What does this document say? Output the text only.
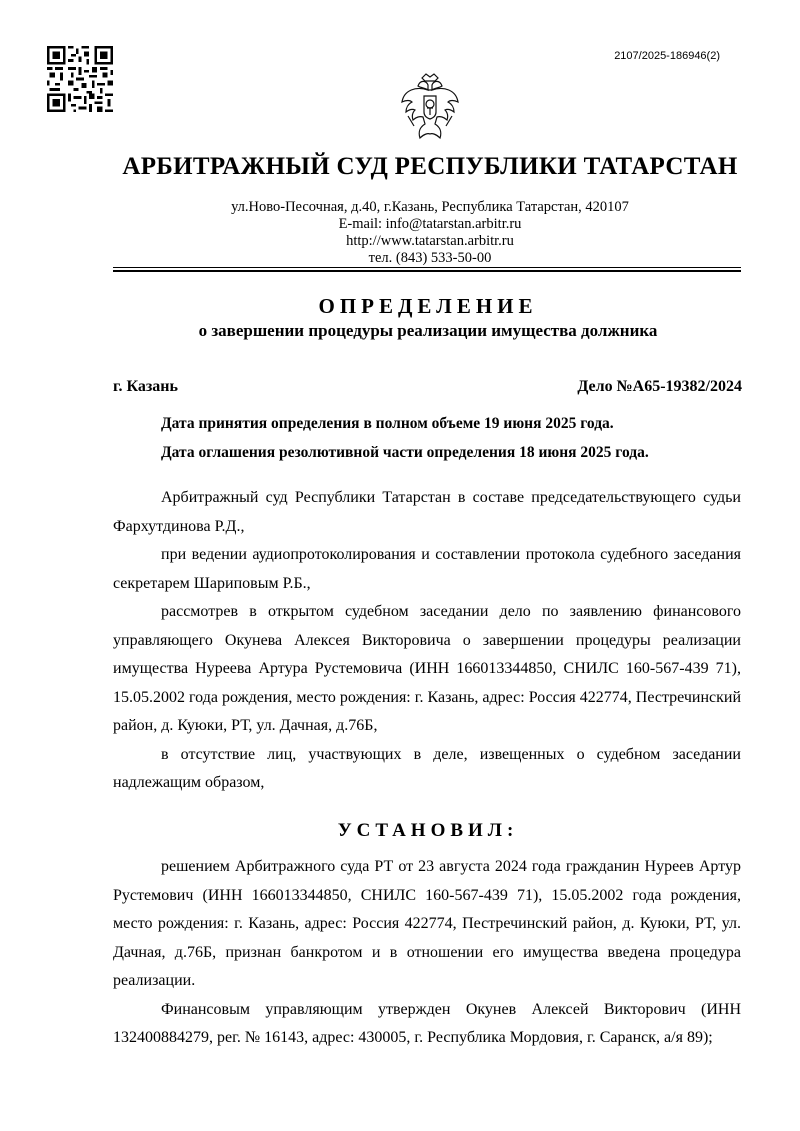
2107/2025-186946(2)
АРБИТРАЖНЫЙ СУД РЕСПУБЛИКИ ТАТАРСТАН
ул.Ново-Песочная, д.40, г.Казань, Республика Татарстан, 420107
E-mail: info@tatarstan.arbitr.ru
http://www.tatarstan.arbitr.ru
тел. (843) 533-50-00
ОПРЕДЕЛЕНИЕ
о завершении процедуры реализации имущества должника
г. Казань	Дело №А65-19382/2024
Дата принятия определения в полном объеме 19 июня 2025 года.
Дата оглашения резолютивной части определения 18 июня 2025 года.

Арбитражный суд Республики Татарстан в составе председательствующего судьи Фархутдинова Р.Д.,

при ведении аудиопротоколирования и составлении протокола судебного заседания секретарем Шариповым Р.Б.,

рассмотрев в открытом судебном заседании дело по заявлению финансового управляющего Окунева Алексея Викторовича о завершении процедуры реализации имущества Нуреева Артура Рустемовича (ИНН 166013344850, СНИЛС 160-567-439 71), 15.05.2002 года рождения, место рождения: г. Казань, адрес: Россия 422774, Пестречинский район, д. Куюки, РТ, ул. Дачная, д.76Б,

в отсутствие лиц, участвующих в деле, извещенных о судебном заседании надлежащим образом,

УСТАНОВИЛ:

решением Арбитражного суда РТ от 23 августа 2024 года гражданин Нуреев Артур Рустемович (ИНН 166013344850, СНИЛС 160-567-439 71), 15.05.2002 года рождения, место рождения: г. Казань, адрес: Россия 422774, Пестречинский район, д. Куюки, РТ, ул. Дачная, д.76Б, признан банкротом и в отношении его имущества введена процедура реализации.

Финансовым управляющим утвержден Окунев Алексей Викторович (ИНН 132400884279, рег. № 16143, адрес: 430005, г. Республика Мордовия, г. Саранск, а/я 89);
